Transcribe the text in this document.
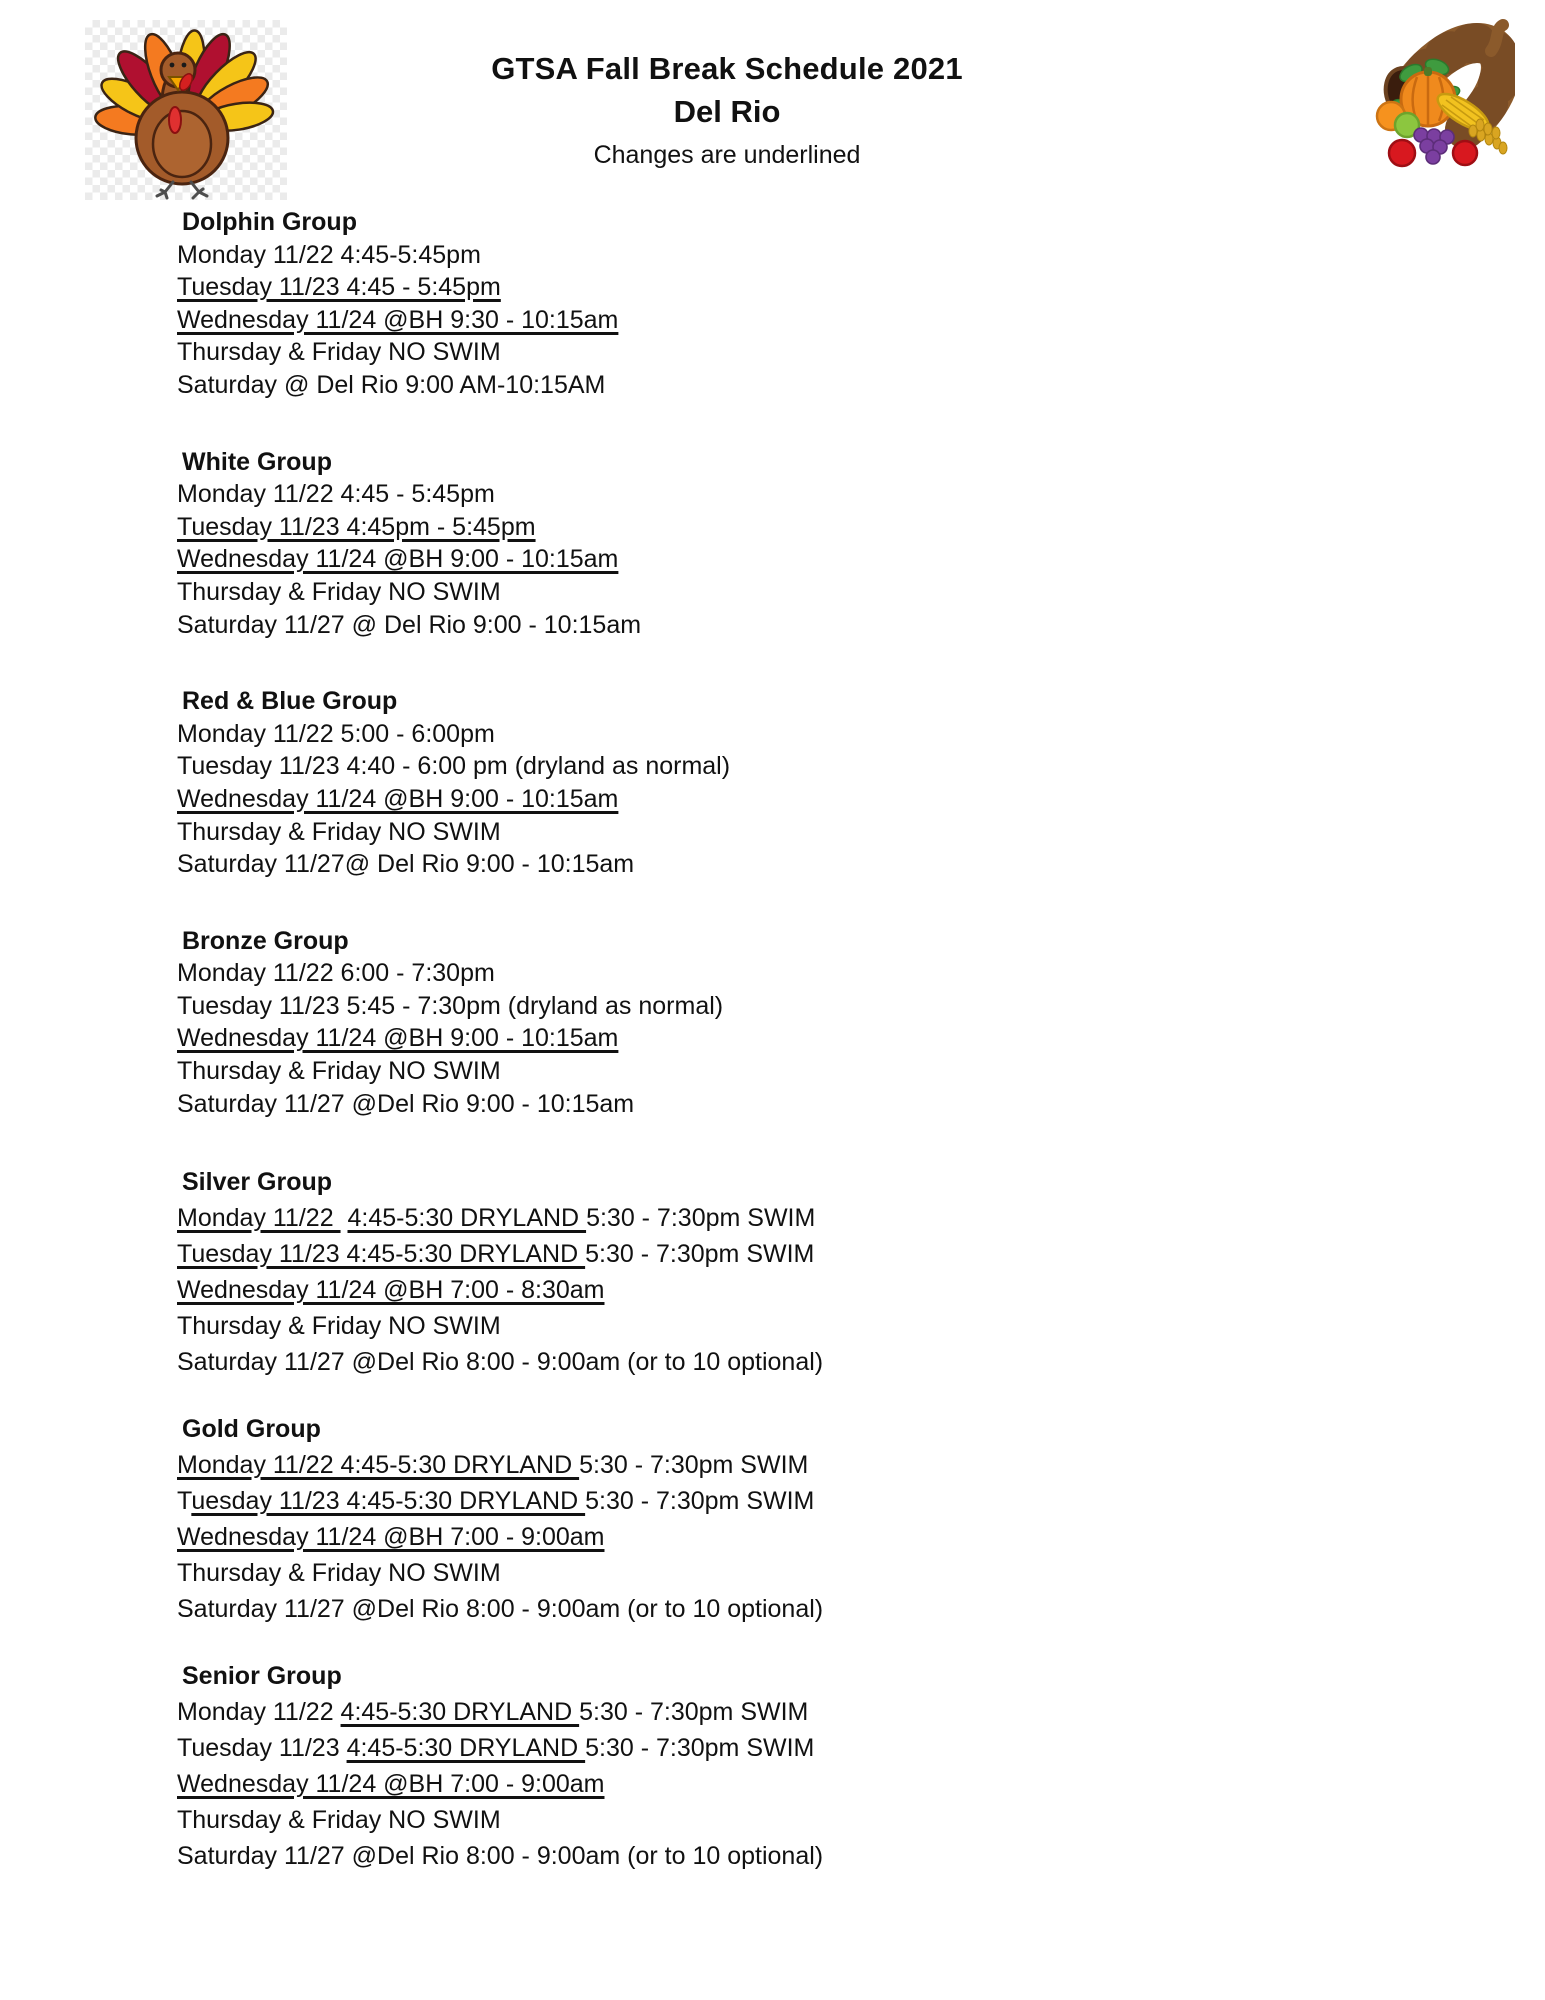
GTSA Fall Break Schedule 2021
Del Rio
Changes are underlined
Dolphin Group
Monday 11/22 4:45-5:45pm
Tuesday 11/23 4:45 - 5:45pm
Wednesday 11/24 @BH 9:30 - 10:15am
Thursday & Friday NO SWIM
Saturday @ Del Rio 9:00 AM-10:15AM
White Group
Monday 11/22 4:45 - 5:45pm
Tuesday 11/23 4:45pm - 5:45pm
Wednesday 11/24 @BH 9:00 - 10:15am
Thursday & Friday NO SWIM
Saturday 11/27 @ Del Rio 9:00 - 10:15am
Red & Blue Group
Monday 11/22 5:00 - 6:00pm
Tuesday 11/23 4:40 - 6:00 pm (dryland as normal)
Wednesday 11/24 @BH 9:00 - 10:15am
Thursday & Friday NO SWIM
Saturday 11/27@ Del Rio 9:00 - 10:15am
Bronze Group
Monday 11/22 6:00 - 7:30pm
Tuesday 11/23 5:45 - 7:30pm (dryland as normal)
Wednesday 11/24 @BH 9:00 - 10:15am
Thursday & Friday NO SWIM
Saturday 11/27 @Del Rio 9:00 - 10:15am
Silver Group
Monday 11/22  4:45-5:30 DRYLAND 5:30 - 7:30pm SWIM
Tuesday 11/23 4:45-5:30 DRYLAND 5:30 - 7:30pm SWIM
Wednesday 11/24 @BH 7:00 - 8:30am
Thursday & Friday NO SWIM
Saturday 11/27 @Del Rio 8:00 - 9:00am (or to 10 optional)
Gold Group
Monday 11/22 4:45-5:30 DRYLAND 5:30 - 7:30pm SWIM
Tuesday 11/23 4:45-5:30 DRYLAND 5:30 - 7:30pm SWIM
Wednesday 11/24 @BH 7:00 - 9:00am
Thursday & Friday NO SWIM
Saturday 11/27 @Del Rio 8:00 - 9:00am (or to 10 optional)
Senior Group
Monday 11/22 4:45-5:30 DRYLAND 5:30 - 7:30pm SWIM
Tuesday 11/23 4:45-5:30 DRYLAND 5:30 - 7:30pm SWIM
Wednesday 11/24 @BH 7:00 - 9:00am
Thursday & Friday NO SWIM
Saturday 11/27 @Del Rio 8:00 - 9:00am (or to 10 optional)
